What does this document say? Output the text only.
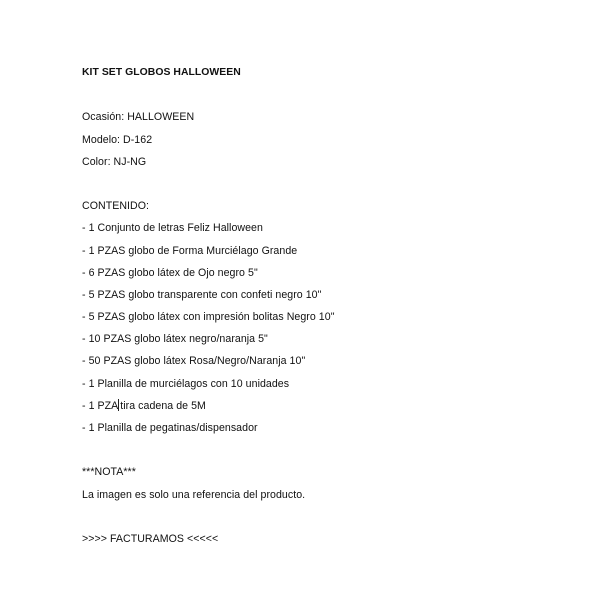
KIT SET GLOBOS HALLOWEEN
Ocasión: HALLOWEEN
Modelo: D-162
Color: NJ-NG
CONTENIDO:
- 1 Conjunto de letras Feliz Halloween
- 1 PZAS globo de Forma Murciélago Grande
- 6 PZAS globo látex de Ojo negro 5"
- 5 PZAS globo transparente con confeti negro 10"
- 5 PZAS globo látex con impresión bolitas Negro 10"
- 10 PZAS globo látex negro/naranja 5"
- 50 PZAS globo látex Rosa/Negro/Naranja 10"
- 1 Planilla de murciélagos con 10 unidades
- 1 PZA tira cadena de 5M
- 1 Planilla de pegatinas/dispensador
***NOTA***
La imagen es solo una referencia del producto.
>>>> FACTURAMOS <<<<<
